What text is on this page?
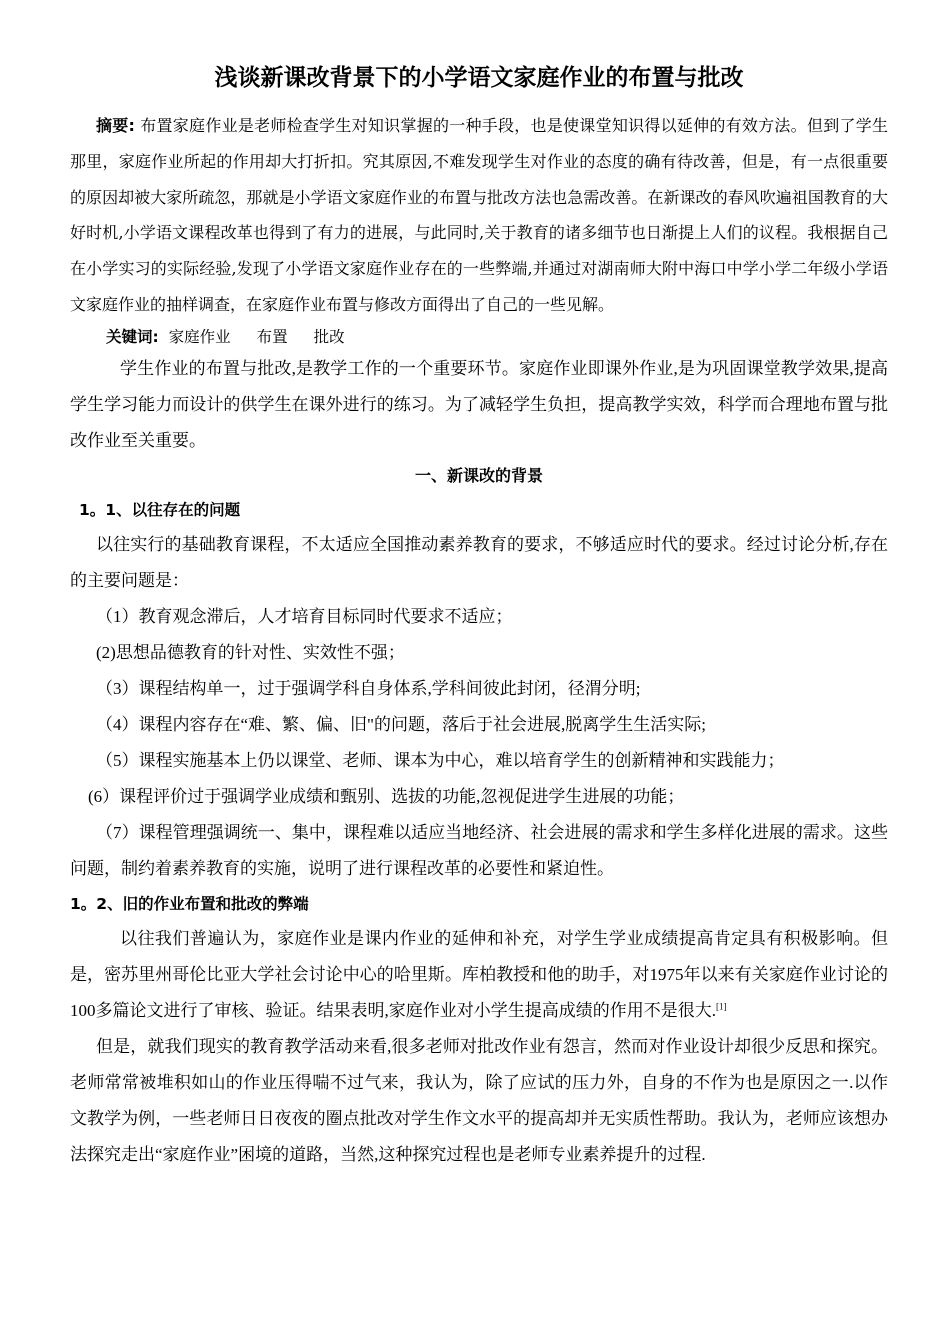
浅谈新课改背景下的小学语文家庭作业的布置与批改

摘要: 布置家庭作业是老师检查学生对知识掌握的一种手段，也是使课堂知识得以延伸的有效方法。但到了学生那里，家庭作业所起的作用却大打折扣。究其原因,不难发现学生对作业的态度的确有待改善，但是，有一点很重要的原因却被大家所疏忽，那就是小学语文家庭作业的布置与批改方法也急需改善。在新课改的春风吹遍祖国教育的大好时机,小学语文课程改革也得到了有力的进展，与此同时,关于教育的诸多细节也日渐提上人们的议程。我根据自己在小学实习的实际经验,发现了小学语文家庭作业存在的一些弊端,并通过对湖南师大附中海口中学小学二年级小学语文家庭作业的抽样调查，在家庭作业布置与修改方面得出了自己的一些见解。

关键词: 家庭作业 布置 批改

学生作业的布置与批改,是教学工作的一个重要环节。家庭作业即课外作业,是为巩固课堂教学效果,提高学生学习能力而设计的供学生在课外进行的练习。为了减轻学生负担，提高教学实效，科学而合理地布置与批改作业至关重要。

一、新课改的背景
1。1、以往存在的问题

以往实行的基础教育课程，不太适应全国推动素养教育的要求，不够适应时代的要求。经过讨论分析,存在的主要问题是：

（1）教育观念滞后，人才培育目标同时代要求不适应；

(2)思想品德教育的针对性、实效性不强；

（3）课程结构单一，过于强调学科自身体系,学科间彼此封闭，径渭分明;

（4）课程内容存在“难、繁、偏、旧"的问题，落后于社会进展,脱离学生生活实际;

（5）课程实施基本上仍以课堂、老师、课本为中心，难以培育学生的创新精神和实践能力；

(6）课程评价过于强调学业成绩和甄别、选拔的功能,忽视促进学生进展的功能；

（7）课程管理强调统一、集中，课程难以适应当地经济、社会进展的需求和学生多样化进展的需求。这些问题，制约着素养教育的实施，说明了进行课程改革的必要性和紧迫性。

1。2、旧的作业布置和批改的弊端

以往我们普遍认为，家庭作业是课内作业的延伸和补充，对学生学业成绩提高肯定具有积极影响。但是，密苏里州哥伦比亚大学社会讨论中心的哈里斯。库柏教授和他的助手，对1975年以来有关家庭作业讨论的100多篇论文进行了审核、验证。结果表明,家庭作业对小学生提高成绩的作用不是很大.[1]

但是，就我们现实的教育教学活动来看,很多老师对批改作业有怨言，然而对作业设计却很少反思和探究。老师常常被堆积如山的作业压得喘不过气来，我认为，除了应试的压力外，自身的不作为也是原因之一.以作文教学为例，一些老师日日夜夜的圈点批改对学生作文水平的提高却并无实质性帮助。我认为，老师应该想办法探究走出“家庭作业”困境的道路，当然,这种探究过程也是老师专业素养提升的过程.
